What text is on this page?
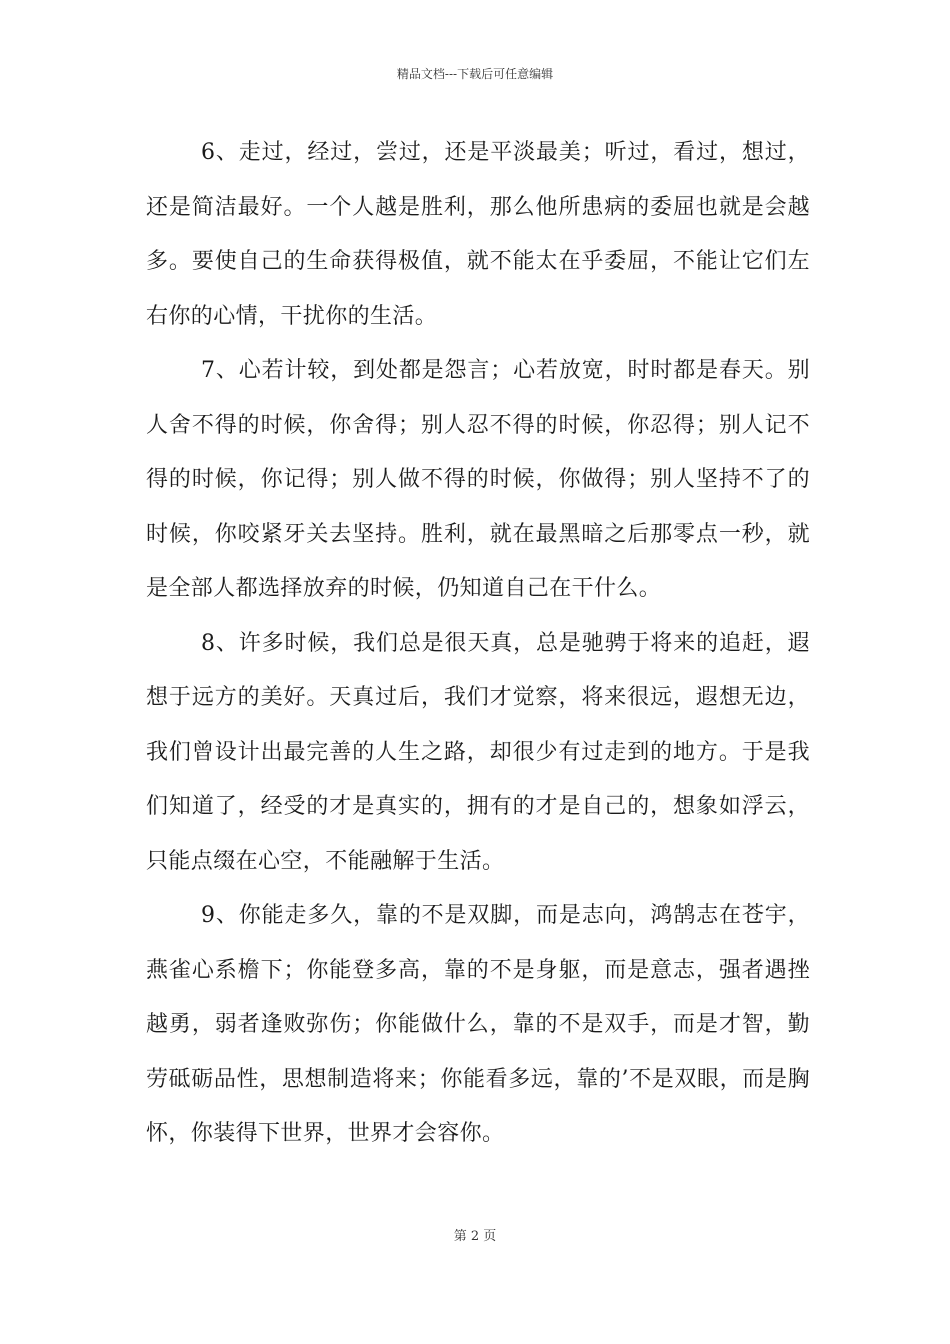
精品文档---下载后可任意编辑

6、走过，经过，尝过，还是平淡最美；听过，看过，想过，还是简洁最好。一个人越是胜利，那么他所患病的委屈也就是会越多。要使自己的生命获得极值，就不能太在乎委屈，不能让它们左右你的心情，干扰你的生活。

7、心若计较，到处都是怨言；心若放宽，时时都是春天。别人舍不得的时候，你舍得；别人忍不得的时候，你忍得；别人记不得的时候，你记得；别人做不得的时候，你做得；别人坚持不了的时候，你咬紧牙关去坚持。胜利，就在最黑暗之后那零点一秒，就是全部人都选择放弃的时候，仍知道自己在干什么。

8、许多时候，我们总是很天真，总是驰骋于将来的追赶，遐想于远方的美好。天真过后，我们才觉察，将来很远，遐想无边，我们曾设计出最完善的人生之路，却很少有过走到的地方。于是我们知道了，经受的才是真实的，拥有的才是自己的，想象如浮云，只能点缀在心空，不能融解于生活。

9、你能走多久，靠的不是双脚，而是志向，鸿鹄志在苍宇，燕雀心系檐下；你能登多高，靠的不是身躯，而是意志，强者遇挫越勇，弱者逢败弥伤；你能做什么，靠的不是双手，而是才智，勤劳砥砺品性，思想制造将来；你能看多远，靠的’不是双眼，而是胸怀，你装得下世界，世界才会容你。

第 2 页
